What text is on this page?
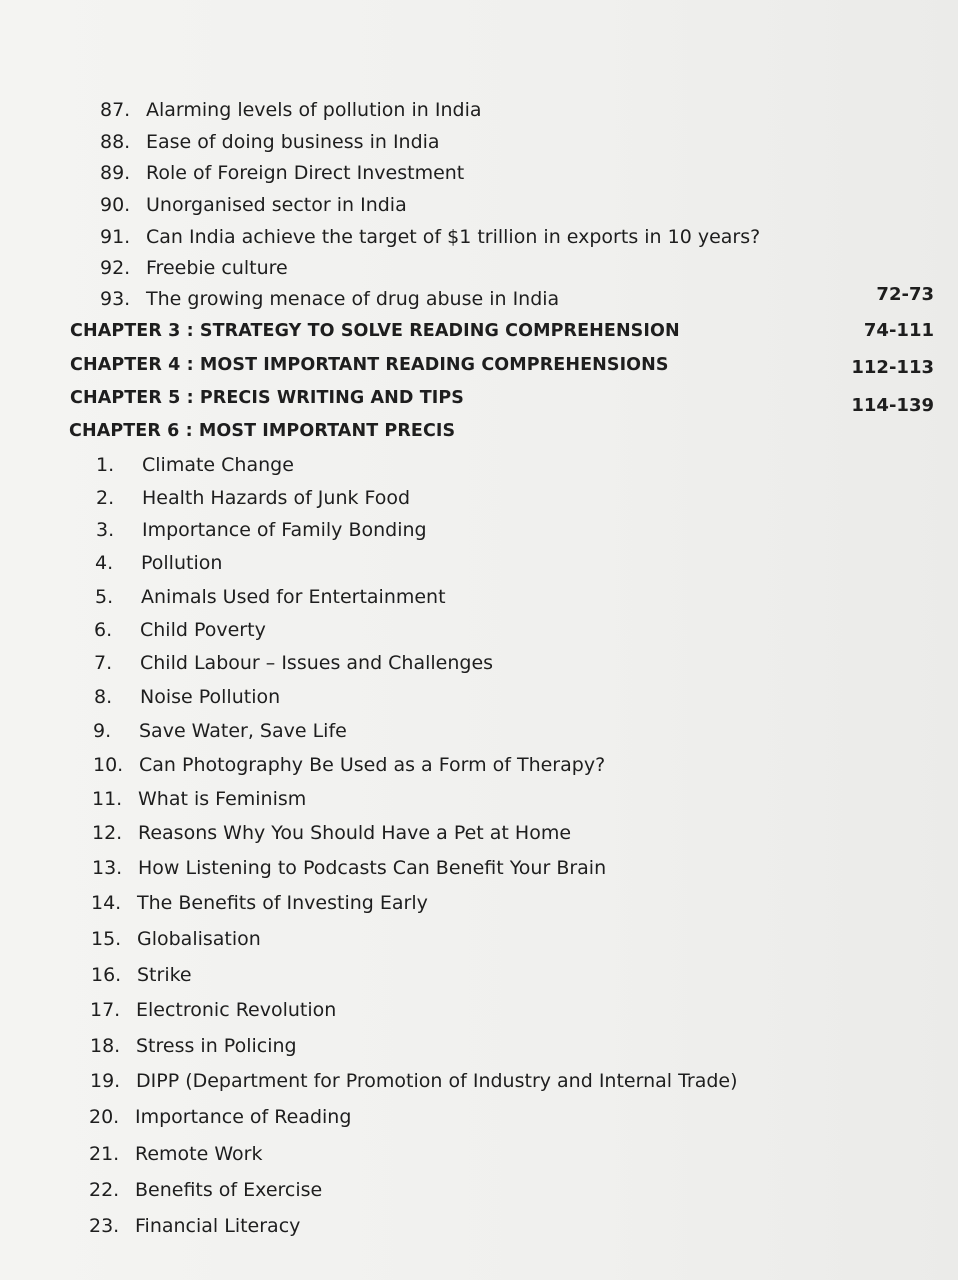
87. Alarming levels of pollution in India
88. Ease of doing business in India
89. Role of Foreign Direct Investment
90. Unorganised sector in India
91. Can India achieve the target of $1 trillion in exports in 10 years?
92. Freebie culture
93. The growing menace of drug abuse in India
CHAPTER 3 : STRATEGY TO SOLVE READING COMPREHENSION
CHAPTER 4 : MOST IMPORTANT READING COMPREHENSIONS
CHAPTER 5 : PRECIS WRITING AND TIPS
CHAPTER 6 : MOST IMPORTANT PRECIS
72-73
74-111
112-113
114-139
1. Climate Change
2. Health Hazards of Junk Food
3. Importance of Family Bonding
4. Pollution
5. Animals Used for Entertainment
6. Child Poverty
7. Child Labour – Issues and Challenges
8. Noise Pollution
9. Save Water, Save Life
10. Can Photography Be Used as a Form of Therapy?
11. What is Feminism
12. Reasons Why You Should Have a Pet at Home
13. How Listening to Podcasts Can Benefit Your Brain
14. The Benefits of Investing Early
15. Globalisation
16. Strike
17. Electronic Revolution
18. Stress in Policing
19. DIPP (Department for Promotion of Industry and Internal Trade)
20. Importance of Reading
21. Remote Work
22. Benefits of Exercise
23. Financial Literacy
